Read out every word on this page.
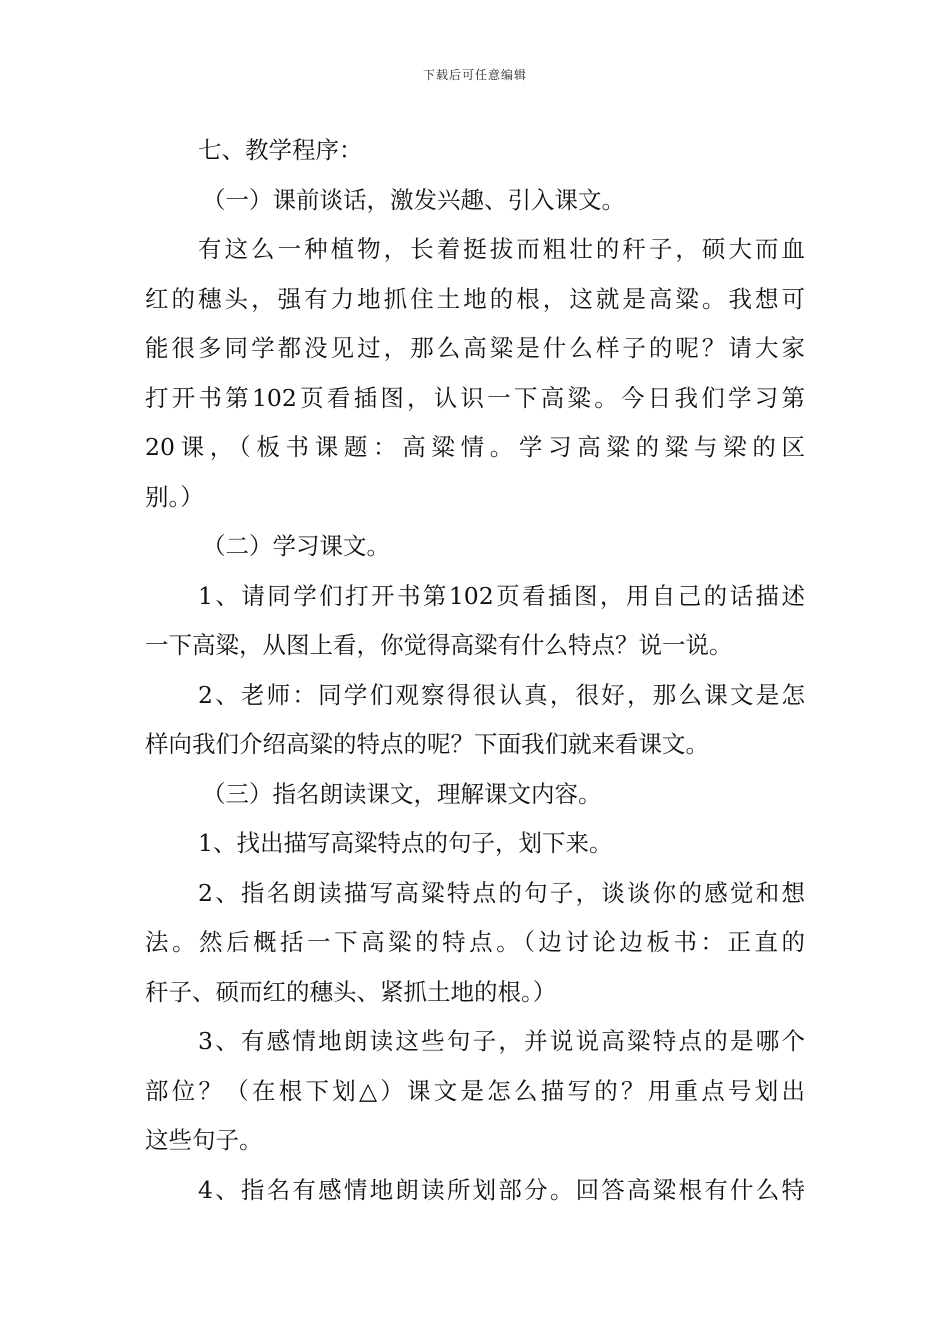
下载后可任意编辑
七、教学程序：
（一）课前谈话，激发兴趣、引入课文。
有这么一种植物，长着挺拔而粗壮的秆子，硕大而血
红的穗头，强有力地抓住土地的根，这就是高粱。我想可
能很多同学都没见过，那么高粱是什么样子的呢？请大家
打开书第102页看插图，认识一下高粱。今日我们学习第
20课，（板书课题：高粱情。学习高粱的粱与梁的区
别。）
（二）学习课文。
1、请同学们打开书第102页看插图，用自己的话描述
一下高粱，从图上看，你觉得高粱有什么特点？说一说。
2、老师：同学们观察得很认真，很好，那么课文是怎
样向我们介绍高粱的特点的呢？下面我们就来看课文。
（三）指名朗读课文，理解课文内容。
1、找出描写高粱特点的句子，划下来。
2、指名朗读描写高粱特点的句子，谈谈你的感觉和想
法。然后概括一下高粱的特点。（边讨论边板书：正直的
秆子、硕而红的穗头、紧抓土地的根。）
3、有感情地朗读这些句子，并说说高粱特点的是哪个
部位？（在根下划△）课文是怎么描写的？用重点号划出
这些句子。
4、指名有感情地朗读所划部分。回答高粱根有什么特
